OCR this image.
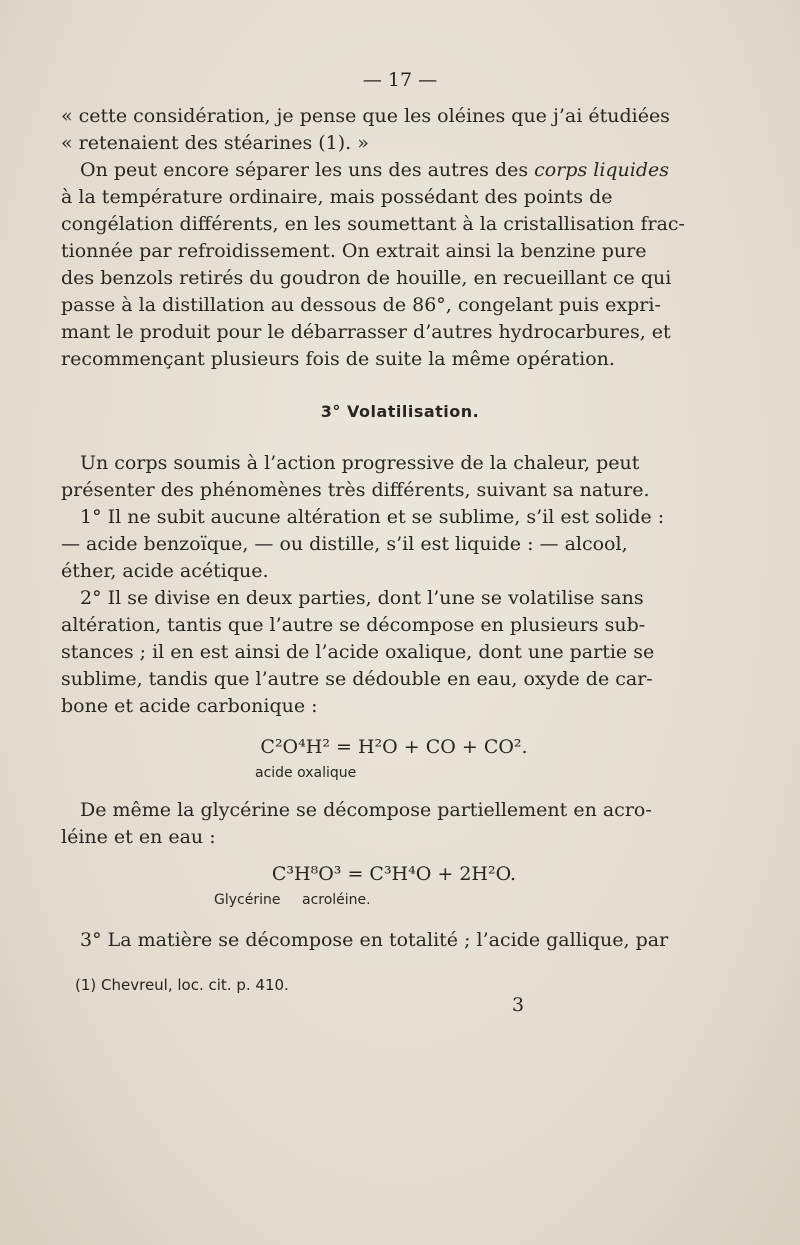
— 17 —
« cette considération, je pense que les oléines que j’ai étudiées
« retenaient des stéarines (1). »
On peut encore séparer les uns des autres des corps liquides
à la température ordinaire, mais possédant des points de
congélation différents, en les soumettant à la cristallisation frac-
tionnée par refroidissement. On extrait ainsi la benzine pure
des benzols retirés du goudron de houille, en recueillant ce qui
passe à la distillation au dessous de 86°, congelant puis expri-
mant le produit pour le débarrasser d’autres hydrocarbures, et
recommençant plusieurs fois de suite la même opération.
3° Volatilisation.
Un corps soumis à l’action progressive de la chaleur, peut
présenter des phénomènes très différents, suivant sa nature.
1° Il ne subit aucune altération et se sublime, s’il est solide :
— acide benzoïque, — ou distille, s’il est liquide : — alcool,
éther, acide acétique.
2° Il se divise en deux parties, dont l’une se volatilise sans
altération, tantis que l’autre se décompose en plusieurs sub-
stances ; il en est ainsi de l’acide oxalique, dont une partie se
sublime, tandis que l’autre se dédouble en eau, oxyde de car-
bone et acide carbonique :
C²O⁴H² = H²O + CO + CO².
acide oxalique
De même la glycérine se décompose partiellement en acro-
léine et en eau :
C³H⁸O³ = C³H⁴O + 2H²O.
Glycérine acroléine.
3° La matière se décompose en totalité ; l’acide gallique, par
(1) Chevreul, loc. cit. p. 410.
3
